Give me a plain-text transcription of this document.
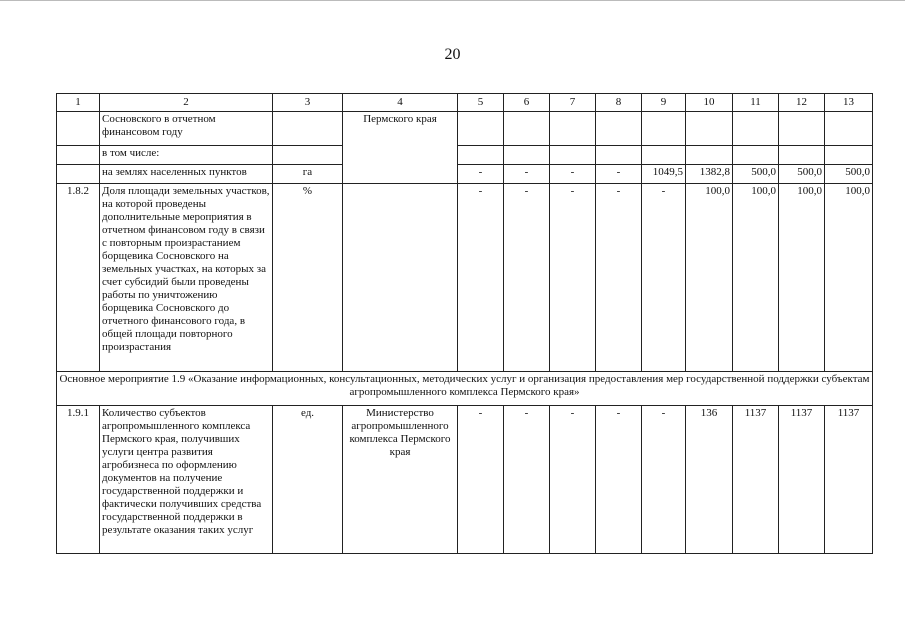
20
1	2	3	4	5	6	7	8	9	10	11	12	13
	Сосновского в отчетном финансовом году		Пермского края									
	в том числе:											
	на землях населенных пунктов	га		-	-	-	-	1049,5	1382,8	500,0	500,0	500,0
1.8.2	Доля площади земельных участков, на которой проведены дополнительные мероприятия в отчетном финансовом году в связи с повторным произрастанием борщевика Сосновского на земельных участках, на которых за счет субсидий были проведены работы по уничтожению борщевика Сосновского до отчетного финансового года, в общей площади повторного произрастания	%		-	-	-	-	-	100,0	100,0	100,0	100,0
Основное мероприятие 1.9 «Оказание информационных, консультационных, методических услуг и организация предоставления мер государственной поддержки субъектам агропромышленного комплекса Пермского края»												
1.9.1	Количество субъектов агропромышленного комплекса Пермского края, получивших услуги центра развития агробизнеса по оформлению документов на получение государственной поддержки и фактически получивших средства государственной поддержки в результате оказания таких услуг	ед.	Министерство агропромышленного комплекса Пермского края	-	-	-	-	-	136	1137	1137	1137
